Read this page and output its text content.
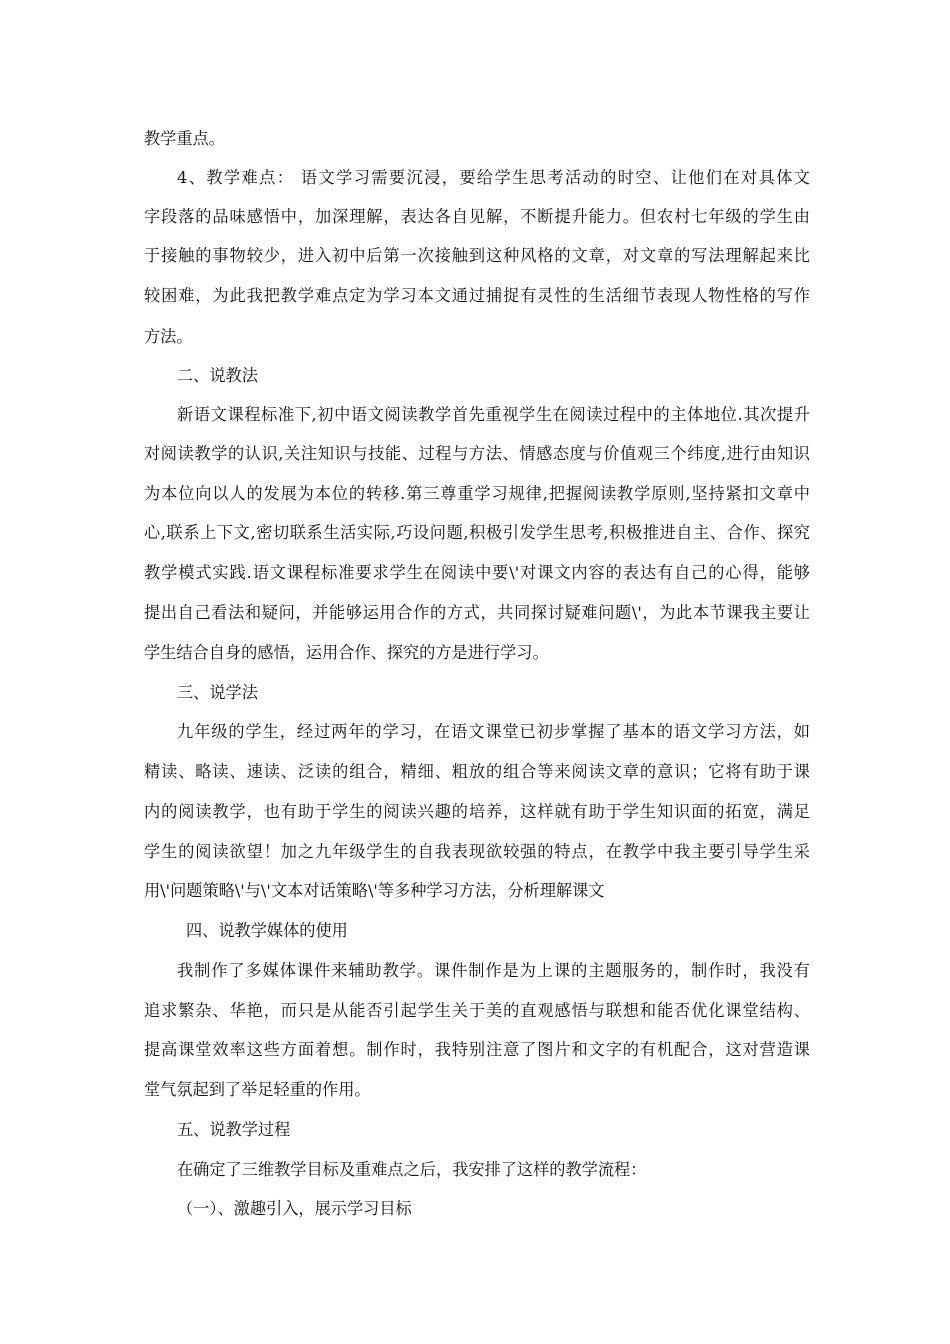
教学重点。
4、教学难点： 语文学习需要沉浸，要给学生思考活动的时空、让他们在对具体文
字段落的品味感悟中，加深理解，表达各自见解，不断提升能力。但农村七年级的学生由
于接触的事物较少，进入初中后第一次接触到这种风格的文章，对文章的写法理解起来比
较困难，为此我把教学难点定为学习本文通过捕捉有灵性的生活细节表现人物性格的写作
方法。
二、说教法
新语文课程标准下,初中语文阅读教学首先重视学生在阅读过程中的主体地位.其次提升
对阅读教学的认识,关注知识与技能、过程与方法、情感态度与价值观三个纬度,进行由知识
为本位向以人的发展为本位的转移.第三尊重学习规律,把握阅读教学原则,坚持紧扣文章中
心,联系上下文,密切联系生活实际,巧设问题,积极引发学生思考,积极推进自主、合作、探究
教学模式实践.语文课程标准要求学生在阅读中要\'对课文内容的表达有自己的心得，能够
提出自己看法和疑问，并能够运用合作的方式，共同探讨疑难问题\'，为此本节课我主要让
学生结合自身的感悟，运用合作、探究的方是进行学习。
三、说学法
九年级的学生，经过两年的学习，在语文课堂已初步掌握了基本的语文学习方法，如
精读、略读、速读、泛读的组合，精细、粗放的组合等来阅读文章的意识；它将有助于课
内的阅读教学，也有助于学生的阅读兴趣的培养，这样就有助于学生知识面的拓宽，满足
学生的阅读欲望！加之九年级学生的自我表现欲较强的特点，在教学中我主要引导学生采
用\'问题策略\'与\'文本对话策略\'等多种学习方法，分析理解课文
四、说教学媒体的使用
我制作了多媒体课件来辅助教学。课件制作是为上课的主题服务的，制作时，我没有
追求繁杂、华艳，而只是从能否引起学生关于美的直观感悟与联想和能否优化课堂结构、
提高课堂效率这些方面着想。制作时，我特别注意了图片和文字的有机配合，这对营造课
堂气氛起到了举足轻重的作用。
五、说教学过程
在确定了三维教学目标及重难点之后，我安排了这样的教学流程：
（一）、激趣引入，展示学习目标
